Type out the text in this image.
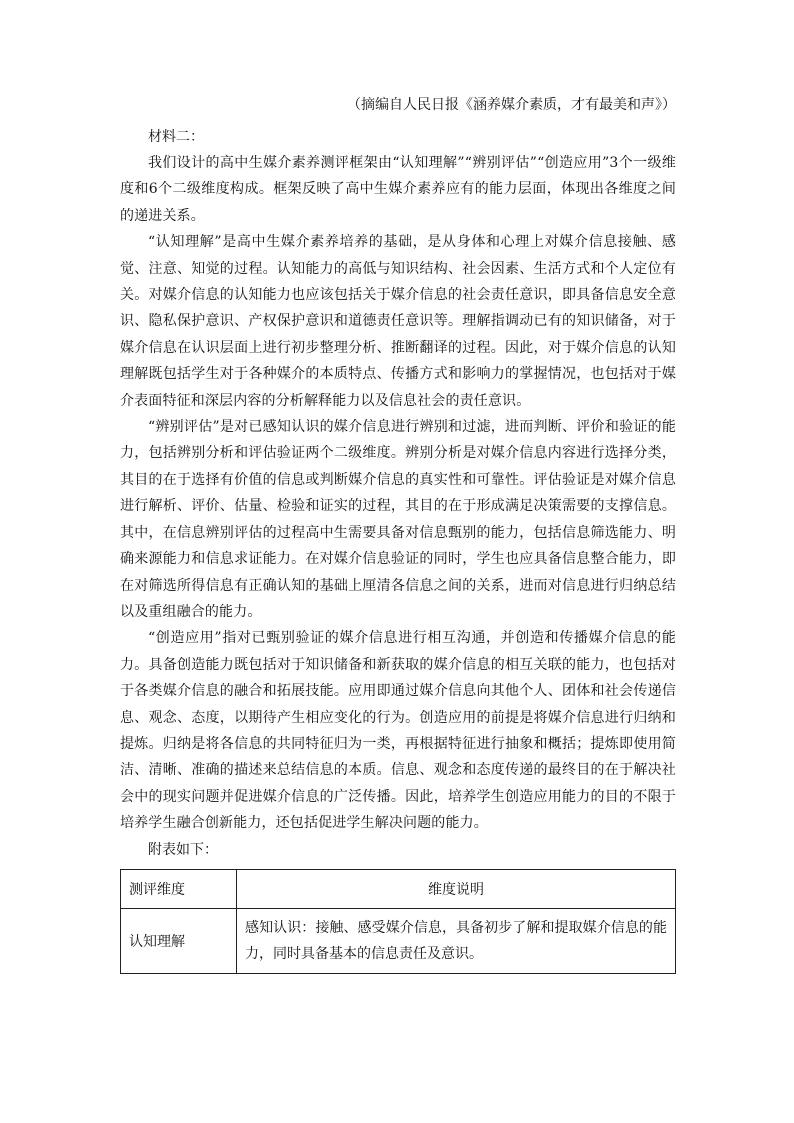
（摘编自人民日报《涵养媒介素质，才有最美和声》）

材料二：

我们设计的高中生媒介素养测评框架由“认知理解”“辨别评估”“创造应用”3个一级维度和6个二级维度构成。框架反映了高中生媒介素养应有的能力层面，体现出各维度之间的递进关系。

“认知理解”是高中生媒介素养培养的基础，是从身体和心理上对媒介信息接触、感觉、注意、知觉的过程。认知能力的高低与知识结构、社会因素、生活方式和个人定位有关。对媒介信息的认知能力也应该包括关于媒介信息的社会责任意识，即具备信息安全意识、隐私保护意识、产权保护意识和道德责任意识等。理解指调动已有的知识储备，对于媒介信息在认识层面上进行初步整理分析、推断翻译的过程。因此，对于媒介信息的认知理解既包括学生对于各种媒介的本质特点、传播方式和影响力的掌握情况，也包括对于媒介表面特征和深层内容的分析解释能力以及信息社会的责任意识。

“辨别评估”是对已感知认识的媒介信息进行辨别和过滤，进而判断、评价和验证的能力，包括辨别分析和评估验证两个二级维度。辨别分析是对媒介信息内容进行选择分类，其目的在于选择有价值的信息或判断媒介信息的真实性和可靠性。评估验证是对媒介信息进行解析、评价、估量、检验和证实的过程，其目的在于形成满足决策需要的支撑信息。其中，在信息辨别评估的过程高中生需要具备对信息甄别的能力，包括信息筛选能力、明确来源能力和信息求证能力。在对媒介信息验证的同时，学生也应具备信息整合能力，即在对筛选所得信息有正确认知的基础上厘清各信息之间的关系，进而对信息进行归纳总结以及重组融合的能力。

“创造应用”指对已甄别验证的媒介信息进行相互沟通，并创造和传播媒介信息的能力。具备创造能力既包括对于知识储备和新获取的媒介信息的相互关联的能力，也包括对于各类媒介信息的融合和拓展技能。应用即通过媒介信息向其他个人、团体和社会传递信息、观念、态度，以期待产生相应变化的行为。创造应用的前提是将媒介信息进行归纳和提炼。归纳是将各信息的共同特征归为一类，再根据特征进行抽象和概括；提炼即使用简洁、清晰、准确的描述来总结信息的本质。信息、观念和态度传递的最终目的在于解决社会中的现实问题并促进媒介信息的广泛传播。因此，培养学生创造应用能力的目的不限于培养学生融合创新能力，还包括促进学生解决问题的能力。

附表如下：

测评维度	维度说明
认知理解	感知认识：接触、感受媒介信息，具备初步了解和提取媒介信息的能力，同时具备基本的信息责任及意识。
